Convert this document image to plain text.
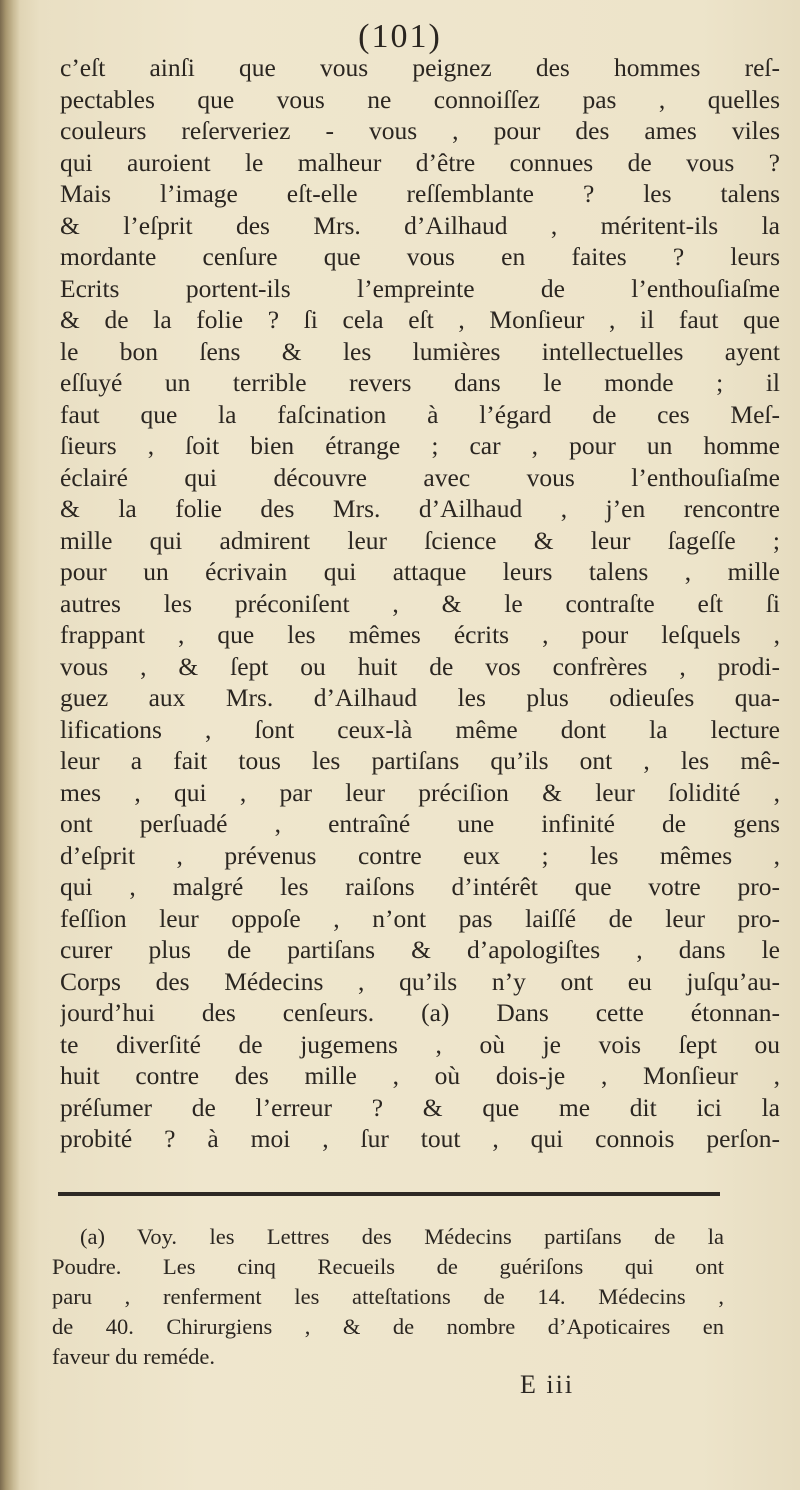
(101)
c’eſt ainſi que vous peignez des hommes reſ-
pectables que vous ne connoiſſez pas , quelles
couleurs reſerveriez - vous , pour des ames viles
qui auroient le malheur d’être connues de vous ?
Mais l’image eſt-elle reſſemblante ? les talens
& l’eſprit des Mrs. d’Ailhaud , méritent-ils la
mordante cenſure que vous en faites ? leurs
Ecrits portent-ils l’empreinte de l’enthouſiaſme
& de la folie ? ſi cela eſt , Monſieur , il faut que
le bon ſens & les lumières intellectuelles ayent
eſſuyé un terrible revers dans le monde ; il
faut que la faſcination à l’égard de ces Meſ-
ſieurs , ſoit bien étrange ; car , pour un homme
éclairé qui découvre avec vous l’enthouſiaſme
& la folie des Mrs. d’Ailhaud , j’en rencontre
mille qui admirent leur ſcience & leur ſageſſe ;
pour un écrivain qui attaque leurs talens , mille
autres les préconiſent , & le contraſte eſt ſi
frappant , que les mêmes écrits , pour leſquels ,
vous , & ſept ou huit de vos confrères , prodi-
guez aux Mrs. d’Ailhaud les plus odieuſes qua-
lifications , ſont ceux-là même dont la lecture
leur a fait tous les partiſans qu’ils ont , les mê-
mes , qui , par leur préciſion & leur ſolidité ,
ont perſuadé , entraîné une infinité de gens
d’eſprit , prévenus contre eux ; les mêmes ,
qui , malgré les raiſons d’intérêt que votre pro-
feſſion leur oppoſe , n’ont pas laiſſé de leur pro-
curer plus de partiſans & d’apologiſtes , dans le
Corps des Médecins , qu’ils n’y ont eu juſqu’au-
jourd’hui des cenſeurs. (a) Dans cette étonnan-
te diverſité de jugemens , où je vois ſept ou
huit contre des mille , où dois-je , Monſieur ,
préſumer de l’erreur ? & que me dit ici la
probité ? à moi , ſur tout , qui connois perſon-
(a) Voy. les Lettres des Médecins partiſans de la
Poudre. Les cinq Recueils de guériſons qui ont
paru , renferment les atteſtations de 14. Médecins ,
de 40. Chirurgiens , & de nombre d’Apoticaires en
faveur du reméde.
E iii
